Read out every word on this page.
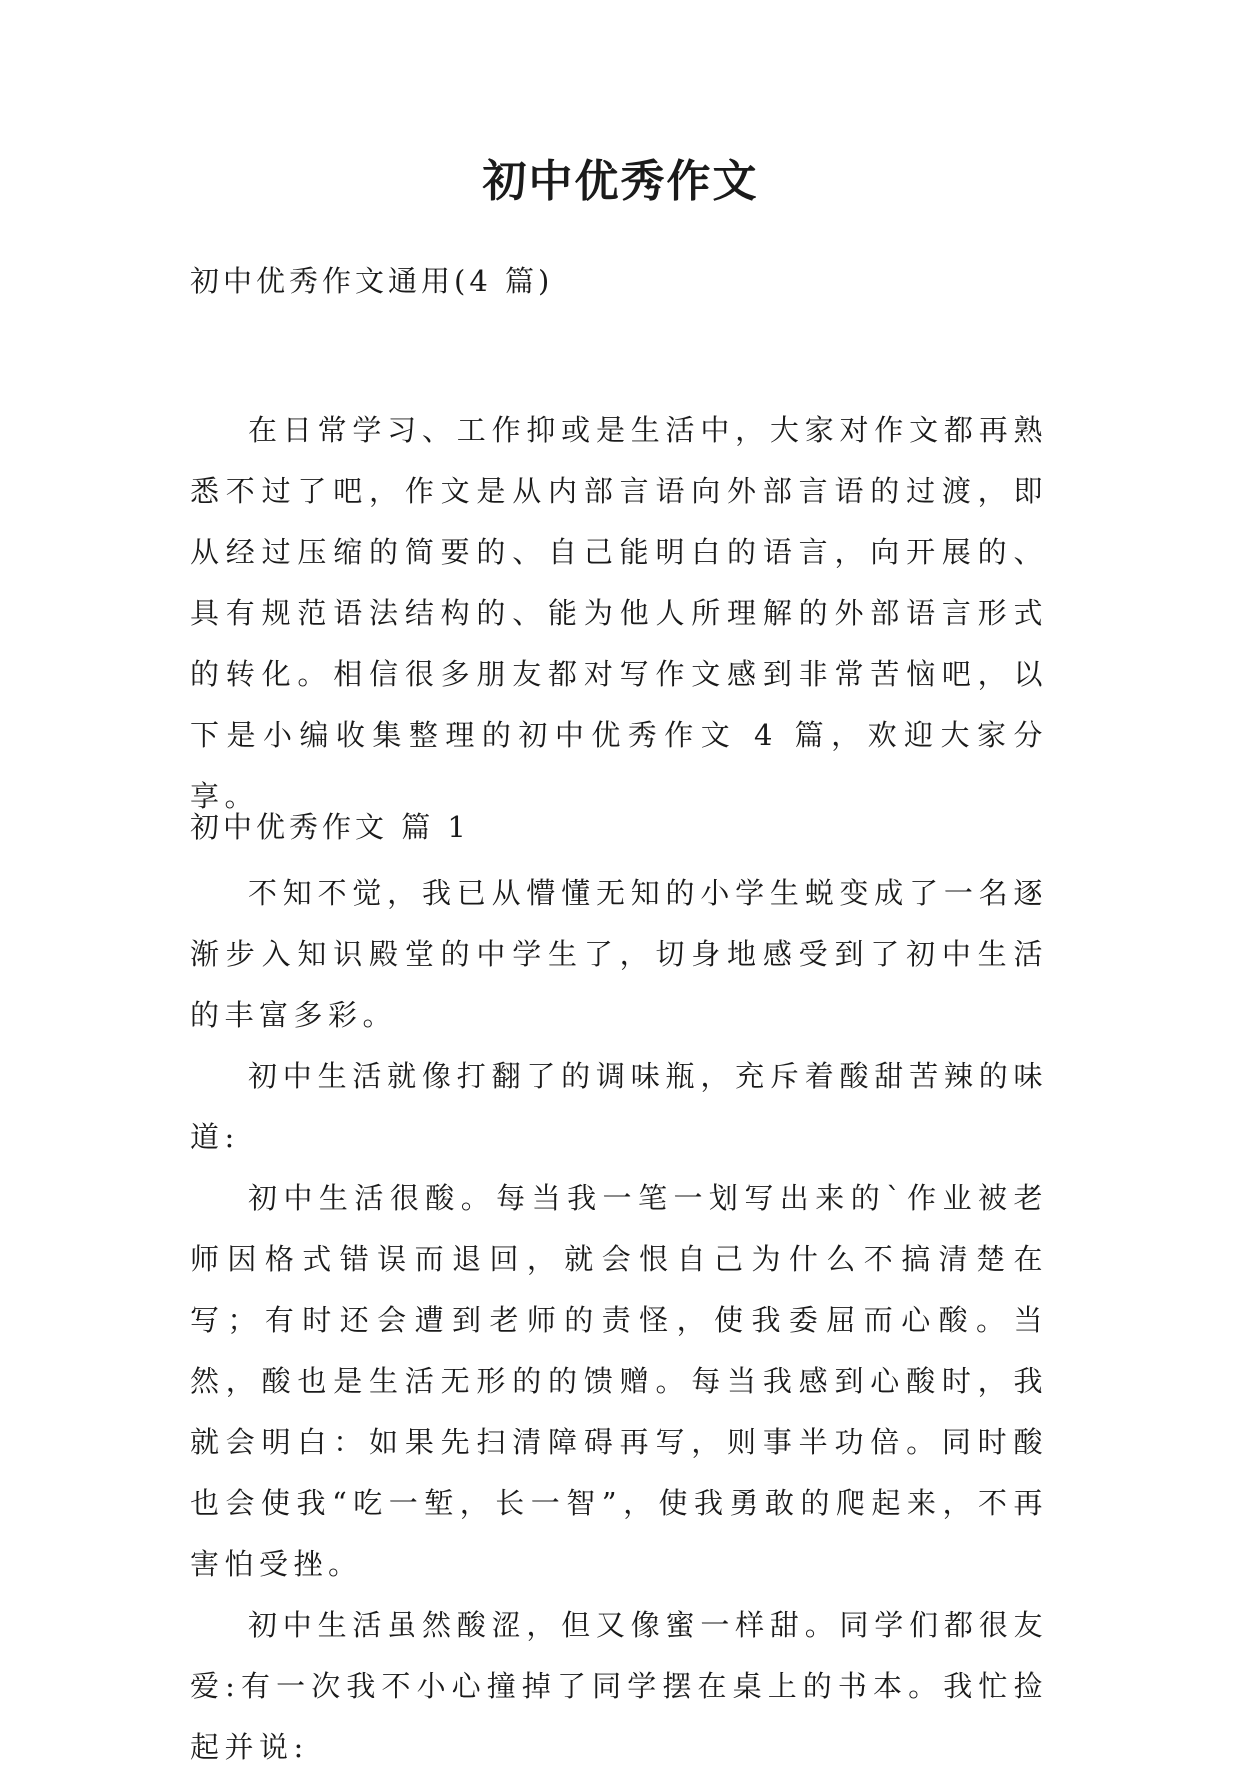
初中优秀作文
初中优秀作文通用(4 篇)

在日常学习、工作抑或是生活中，大家对作文都再熟悉不过了吧，作文是从内部言语向外部言语的过渡，即从经过压缩的简要的、自己能明白的语言，向开展的、具有规范语法结构的、能为他人所理解的外部语言形式的转化。相信很多朋友都对写作文感到非常苦恼吧，以下是小编收集整理的初中优秀作文 4 篇，欢迎大家分享。

初中优秀作文 篇 1

不知不觉，我已从懵懂无知的小学生蜕变成了一名逐渐步入知识殿堂的中学生了，切身地感受到了初中生活的丰富多彩。

初中生活就像打翻了的调味瓶，充斥着酸甜苦辣的味道:

初中生活很酸。每当我一笔一划写出来的`作业被老师因格式错误而退回，就会恨自己为什么不搞清楚在写；有时还会遭到老师的责怪，使我委屈而心酸。当然，酸也是生活无形的的馈赠。每当我感到心酸时，我就会明白：如果先扫清障碍再写，则事半功倍。同时酸也会使我“吃一堑，长一智”，使我勇敢的爬起来，不再害怕受挫。

初中生活虽然酸涩，但又像蜜一样甜。同学们都很友爱:有一次我不小心撞掉了同学摆在桌上的书本。我忙捡起并说:
